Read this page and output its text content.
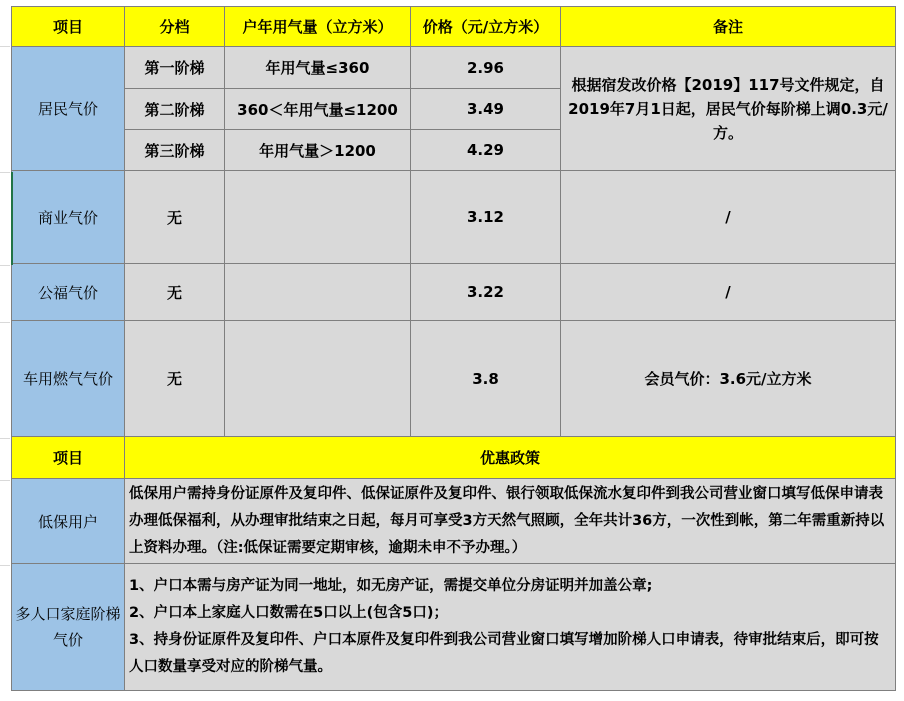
项目	分档	户年用气量（立方米）	价格（元/立方米）	备注
居民气价	第一阶梯	年用气量≤360	2.96	根据宿发改价格【2019】117号文件规定，自2019年7月1日起，居民气价每阶梯上调0.3元/方。
	第二阶梯	360＜年用气量≤1200	3.49	
	第三阶梯	年用气量＞1200	4.29	
商业气价	无		3.12	/
公福气价	无		3.22	/
车用燃气气价	无		3.8	会员气价：3.6元/立方米
项目	优惠政策			
低保用户	低保用户需持身份证原件及复印件、低保证原件及复印件、银行领取低保流水复印件到我公司营业窗口填写低保申请表办理低保福利，从办理审批结束之日起，每月可享受3方天然气照顾，全年共计36方，一次性到帐，第二年需重新持以上资料办理。（注:低保证需要定期审核，逾期未申不予办理。）			
多人口家庭阶梯气价	1、户口本需与房产证为同一地址，如无房产证，需提交单位分房证明并加盖公章;
2、户口本上家庭人口数需在5口以上(包含5口)；
3、持身份证原件及复印件、户口本原件及复印件到我公司营业窗口填写增加阶梯人口申请表，待审批结束后，即可按人口数量享受对应的阶梯气量。			
